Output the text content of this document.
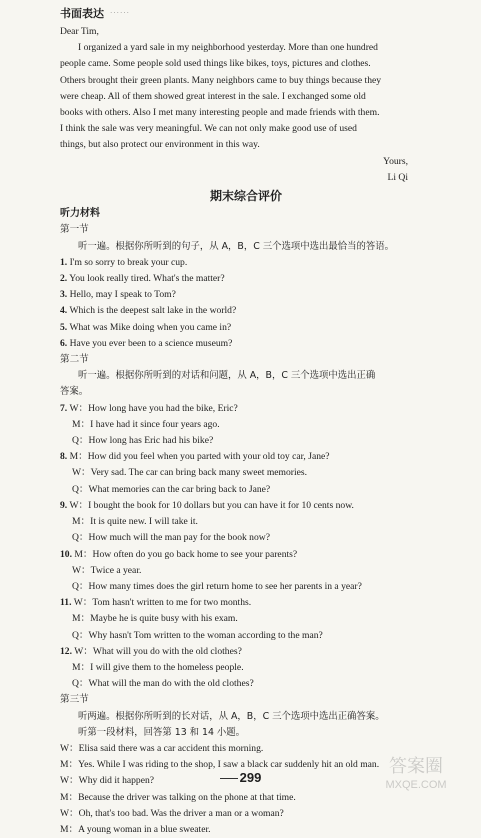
书面表达 ······
Dear Tim,
I organized a yard sale in my neighborhood yesterday. More than one hundred
people came. Some people sold used things like bikes, toys, pictures and clothes.
Others brought their green plants. Many neighbors came to buy things because they
were cheap. All of them showed great interest in the sale. I exchanged some old
books with others. Also I met many interesting people and made friends with them.
I think the sale was very meaningful. We can not only make good use of used
things, but also protect our environment in this way.
Yours,
Li Qi
期末综合评价
听力材料
第一节
听一遍。根据你所听到的句子，从 A，B，C 三个选项中选出最恰当的答语。
1. I'm so sorry to break your cup.
2. You look really tired. What's the matter?
3. Hello, may I speak to Tom?
4. Which is the deepest salt lake in the world?
5. What was Mike doing when you came in?
6. Have you ever been to a science museum?
第二节
听一遍。根据你所听到的对话和问题，从 A，B，C 三个选项中选出正确
答案。
7. W：How long have you had the bike, Eric?
M：I have had it since four years ago.
Q：How long has Eric had his bike?
8. M：How did you feel when you parted with your old toy car, Jane?
W：Very sad. The car can bring back many sweet memories.
Q：What memories can the car bring back to Jane?
9. W：I bought the book for 10 dollars but you can have it for 10 cents now.
M：It is quite new. I will take it.
Q：How much will the man pay for the book now?
10. M：How often do you go back home to see your parents?
W：Twice a year.
Q：How many times does the girl return home to see her parents in a year?
11. W：Tom hasn't written to me for two months.
M：Maybe he is quite busy with his exam.
Q：Why hasn't Tom written to the woman according to the man?
12. W：What will you do with the old clothes?
M：I will give them to the homeless people.
Q：What will the man do with the old clothes?
第三节
听两遍。根据你所听到的长对话，从 A，B，C 三个选项中选出正确答案。
听第一段材料，回答第 13 和 14 小题。
W：Elisa said there was a car accident this morning.
M：Yes. While I was riding to the shop, I saw a black car suddenly hit an old man.
W：Why did it happen?
M：Because the driver was talking on the phone at that time.
W：Oh, that's too bad. Was the driver a man or a woman?
M：A young woman in a blue sweater.
299
答案圈
MXQE.COM
